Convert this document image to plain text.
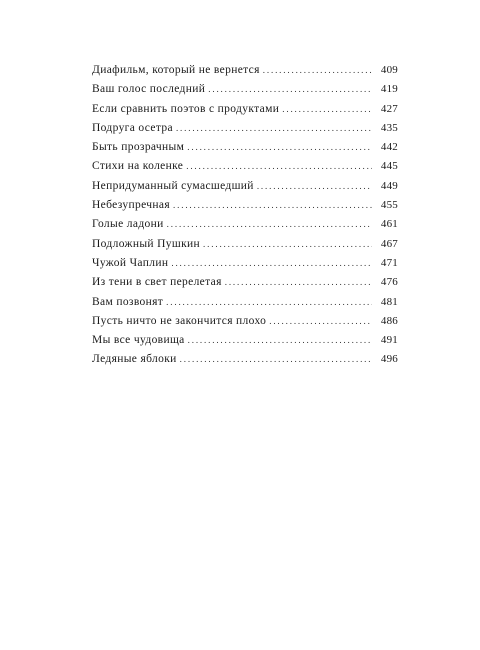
Диафильм, который не вернется . . .	409
Ваш голос последний . . .	419
Если сравнить поэтов с продуктами . . .	427
Подруга осетра . . .	435
Быть прозрачным . . .	442
Стихи на коленке . . .	445
Непридуманный сумасшедший . . .	449
Небезупречная . . .	455
Голые ладони . . .	461
Подложный Пушкин . . .	467
Чужой Чаплин . . .	471
Из тени в свет перелетая . . .	476
Вам позвонят . . .	481
Пусть ничто не закончится плохо . . .	486
Мы все чудовища . . .	491
Ледяные яблоки . . .	496
